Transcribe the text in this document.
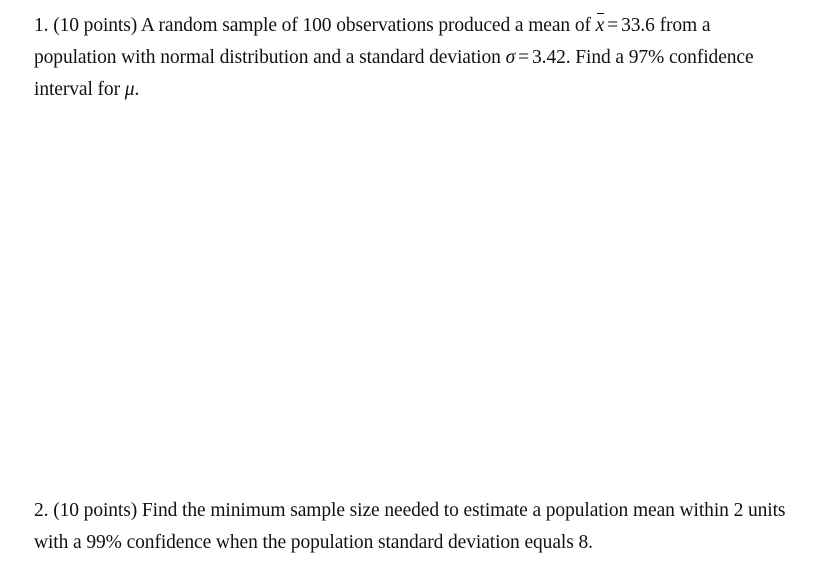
1. (10 points) A random sample of 100 observations produced a mean of x = 33.6 from a
population with normal distribution and a standard deviation σ = 3.42. Find a 97% confidence
interval for μ.
2. (10 points) Find the minimum sample size needed to estimate a population mean within 2 units
with a 99% confidence when the population standard deviation equals 8.
